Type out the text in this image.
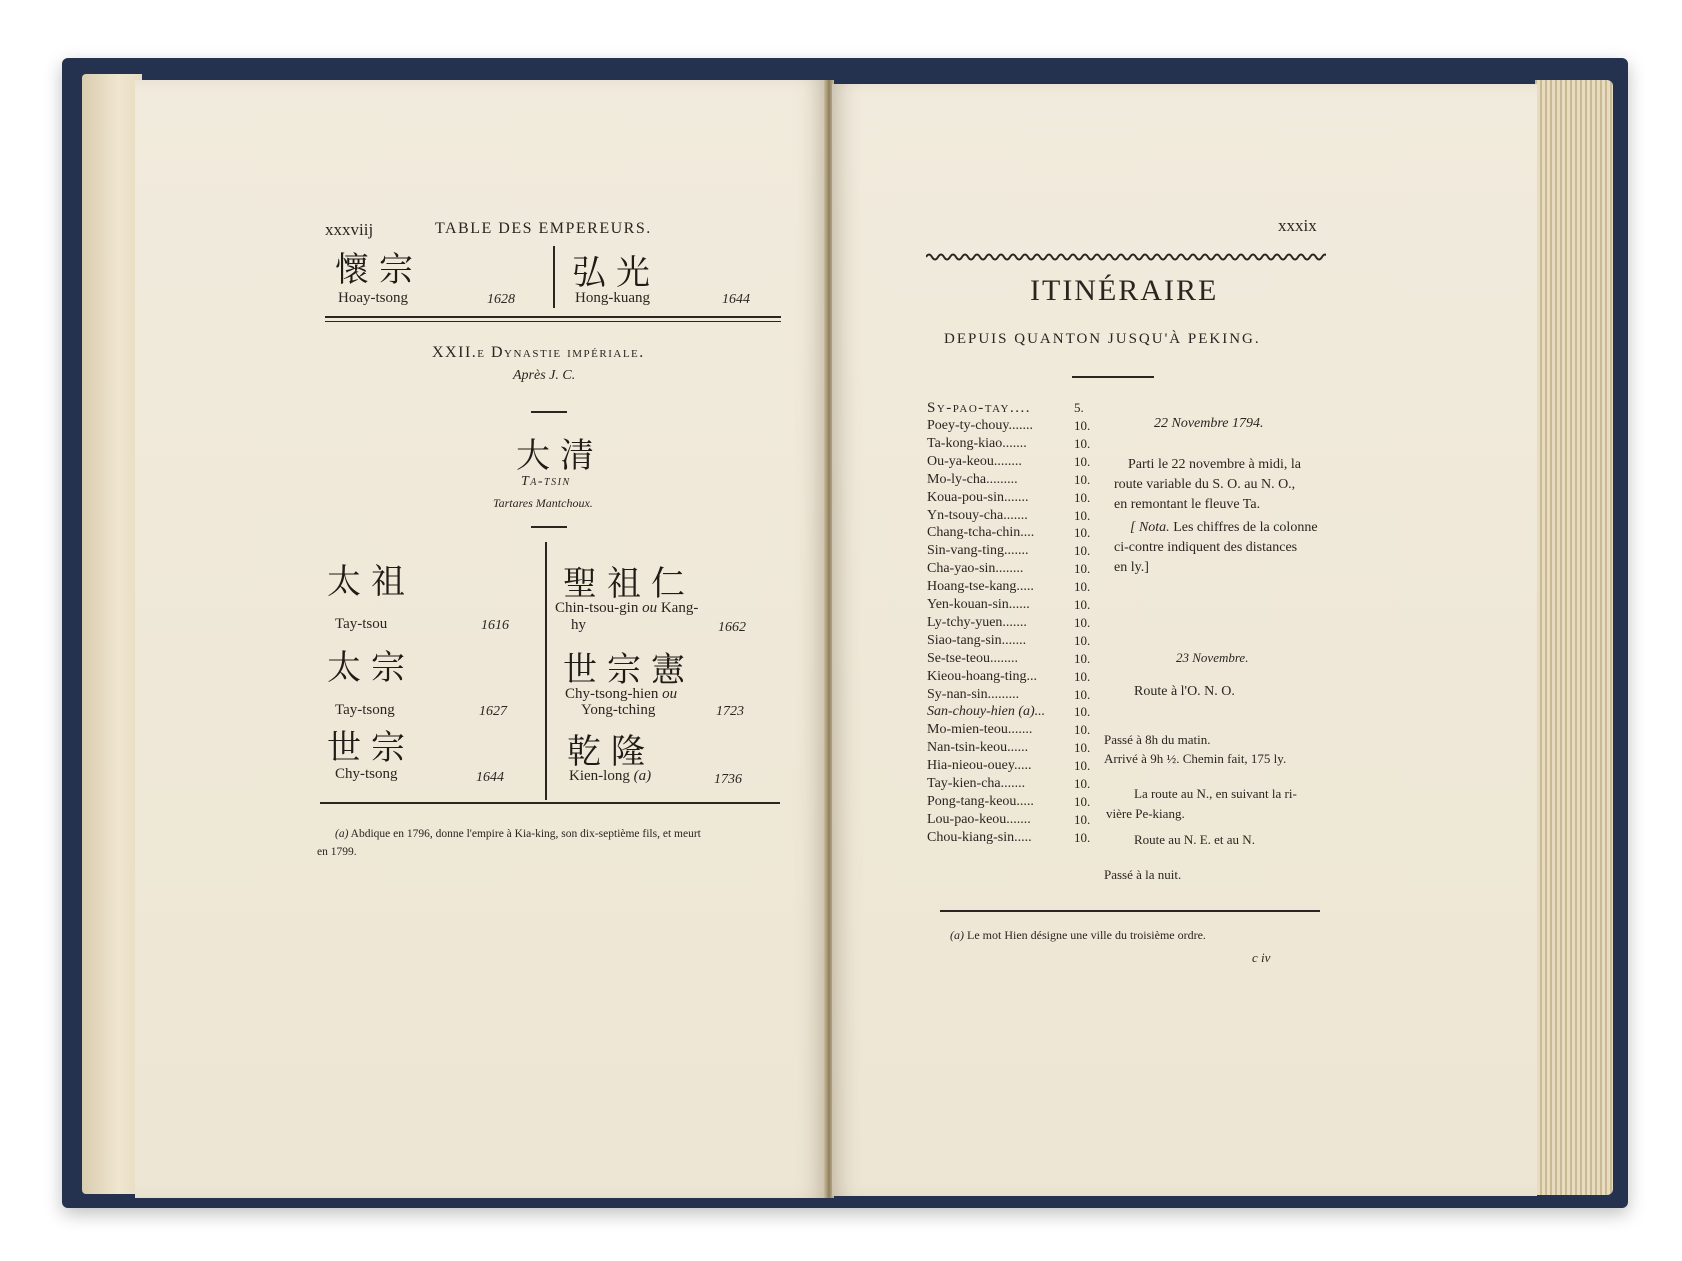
xxxviij	TABLE DES EMPEREURS.
懷宗
Hoay-tsong	1628
弘光
Hong-kuang	1644
XXII.e Dynastie impériale.
Après J. C.
大清
Ta-tsin
Tartares Mantchoux.
太祖
Tay-tsou	1616
太宗
Tay-tsong	1627
世宗
Chy-tsong	1644
聖祖仁
Chin-tsou-gin ou Kang-
hy	1662
世宗憲
Chy-tsong-hien ou
Yong-tching	1723
乾隆
Kien-long (a)	1736
(a) Abdique en 1796, donne l'empire à Kia-king, son dix-septième fils, et meurt
en 1799.
xxxix
ITINÉRAIRE
DEPUIS QUANTON JUSQU'À PEKING.
Sy-pao-tay....	5.
Poey-ty-chouy.......	10.
Ta-kong-kiao.......	10.
Ou-ya-keou........	10.
Mo-ly-cha.........	10.
Koua-pou-sin.......	10.
Yn-tsouy-cha.......	10.
Chang-tcha-chin....	10.
Sin-vang-ting.......	10.
Cha-yao-sin........	10.
Hoang-tse-kang.....	10.
Yen-kouan-sin......	10.
Ly-tchy-yuen.......	10.
Siao-tang-sin.......	10.
Se-tse-teou........	10.
Kieou-hoang-ting...	10.
Sy-nan-sin.........	10.
San-chouy-hien (a)... 10.
Mo-mien-teou.......	10.
Nan-tsin-keou......	10.
Hia-nieou-ouey.....	10.
Tay-kien-cha.......	10.
Pong-tang-keou.....	10.
Lou-pao-keou.......	10.
Chou-kiang-sin.....	10.
22 Novembre 1794.
Parti le 22 novembre à midi, la
route variable du S. O. au N. O.,
en remontant le fleuve Ta.
[ Nota. Les chiffres de la colonne
ci-contre indiquent des distances
en ly.]
23 Novembre.
Route à l'O. N. O.
Passé à 8h du matin.
Arrivé à 9h ½. Chemin fait, 175 ly.
La route au N., en suivant la ri-
vière Pe-kiang.
Route au N. E. et au N.
Passé à la nuit.
(a) Le mot Hien désigne une ville du troisième ordre.
c iv
